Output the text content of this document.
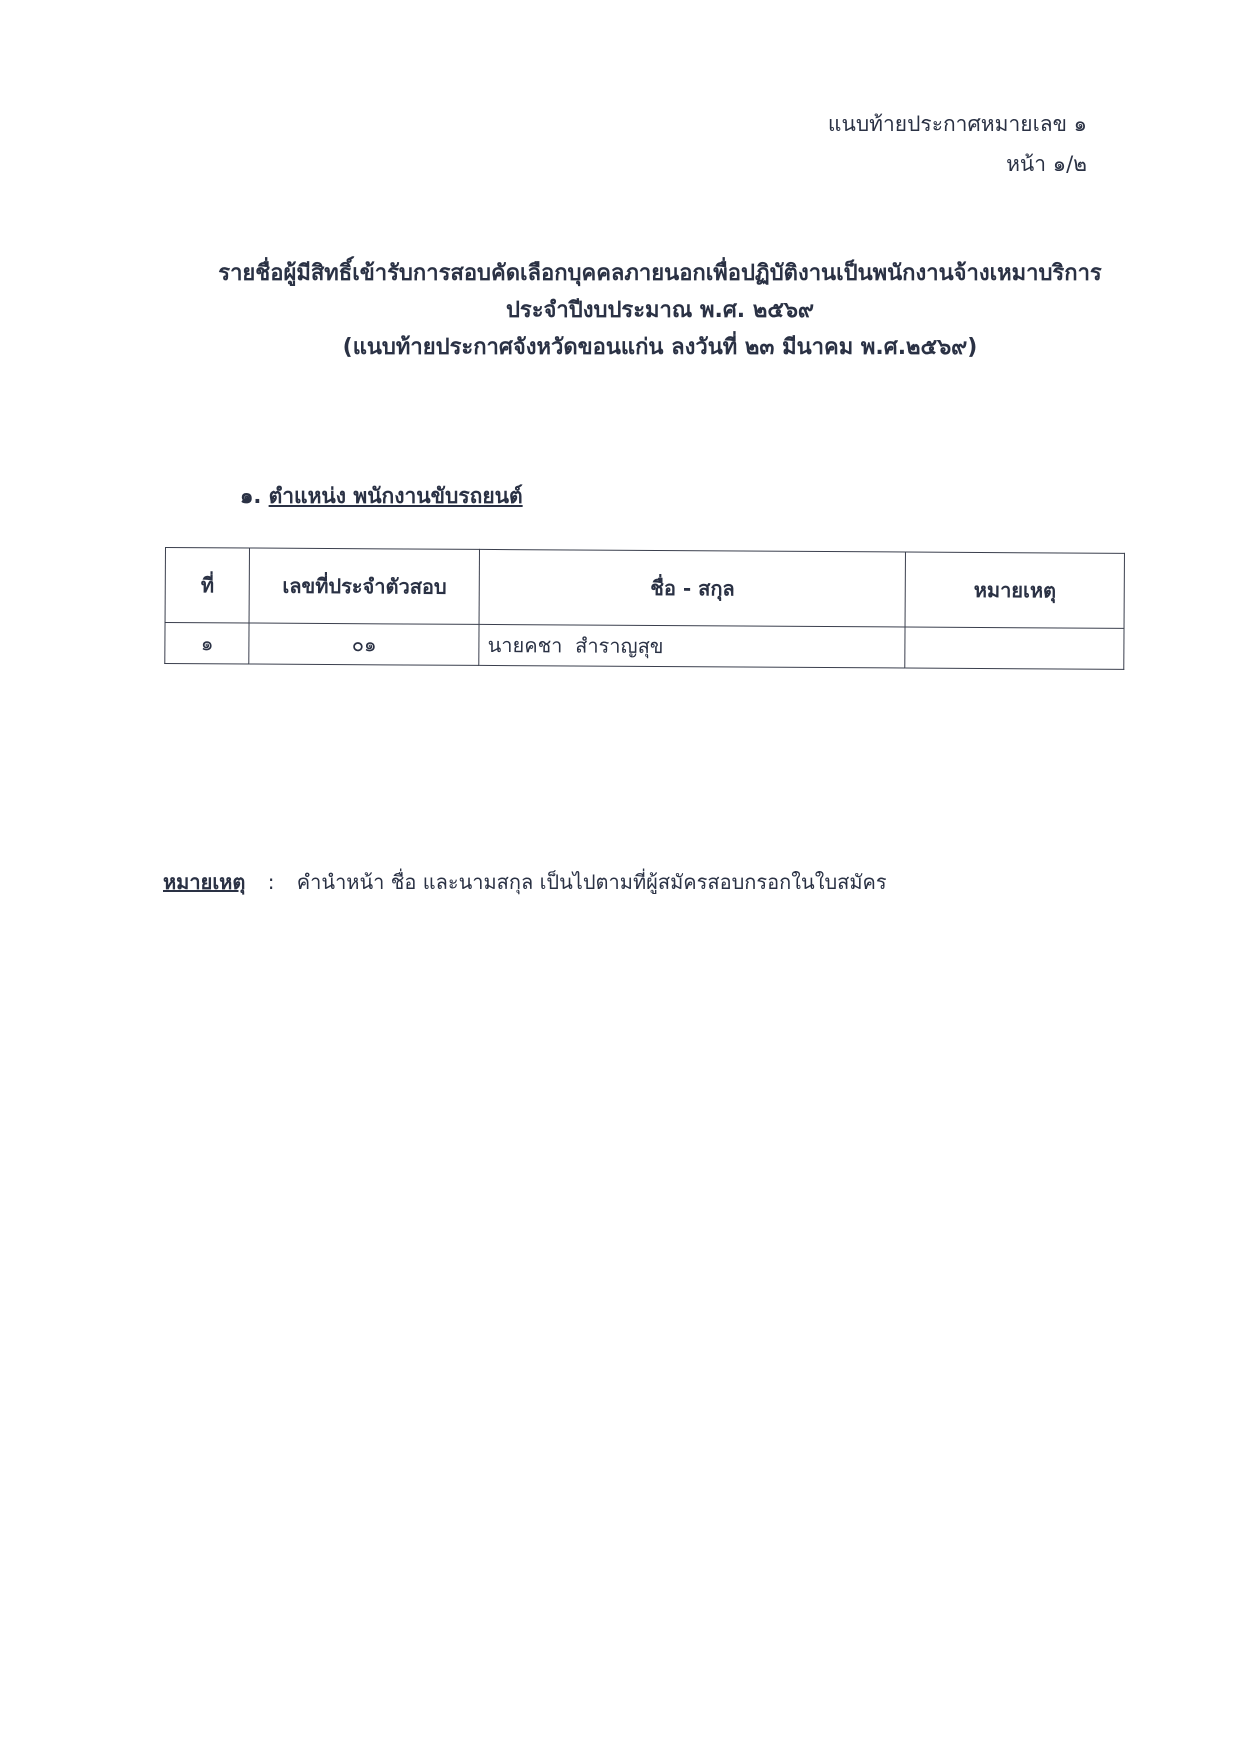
แนบท้ายประกาศหมายเลข ๑
หน้า ๑/๒
รายชื่อผู้มีสิทธิ์เข้ารับการสอบคัดเลือกบุคคลภายนอกเพื่อปฏิบัติงานเป็นพนักงานจ้างเหมาบริการ
ประจำปีงบประมาณ พ.ศ. ๒๕๖๙
(แนบท้ายประกาศจังหวัดขอนแก่น ลงวันที่ ๒๓ มีนาคม พ.ศ.๒๕๖๙)
๑. ตำแหน่ง พนักงานขับรถยนต์
ที่	เลขที่ประจำตัวสอบ	ชื่อ - สกุล	หมายเหตุ
๑	๐๑	นายคชา  สำราญสุข	
หมายเหตุ : คำนำหน้า ชื่อ และนามสกุล เป็นไปตามที่ผู้สมัครสอบกรอกในใบสมัคร
